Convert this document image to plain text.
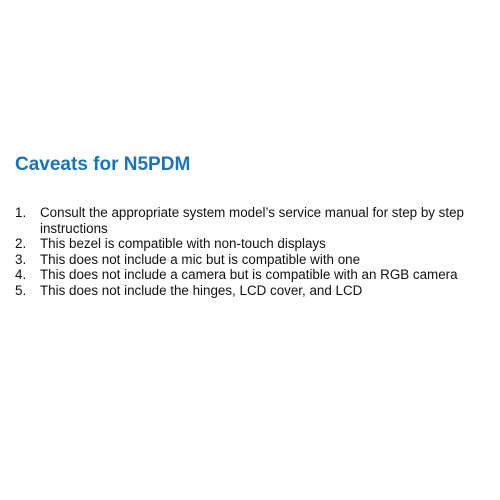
Caveats for N5PDM
1.	Consult the appropriate system model’s service manual for step by step instructions
2.	This bezel is compatible with non-touch displays
3.	This does not include a mic but is compatible with one
4.	This does not include a camera but is compatible with an RGB camera
5.	This does not include the hinges, LCD cover, and LCD
